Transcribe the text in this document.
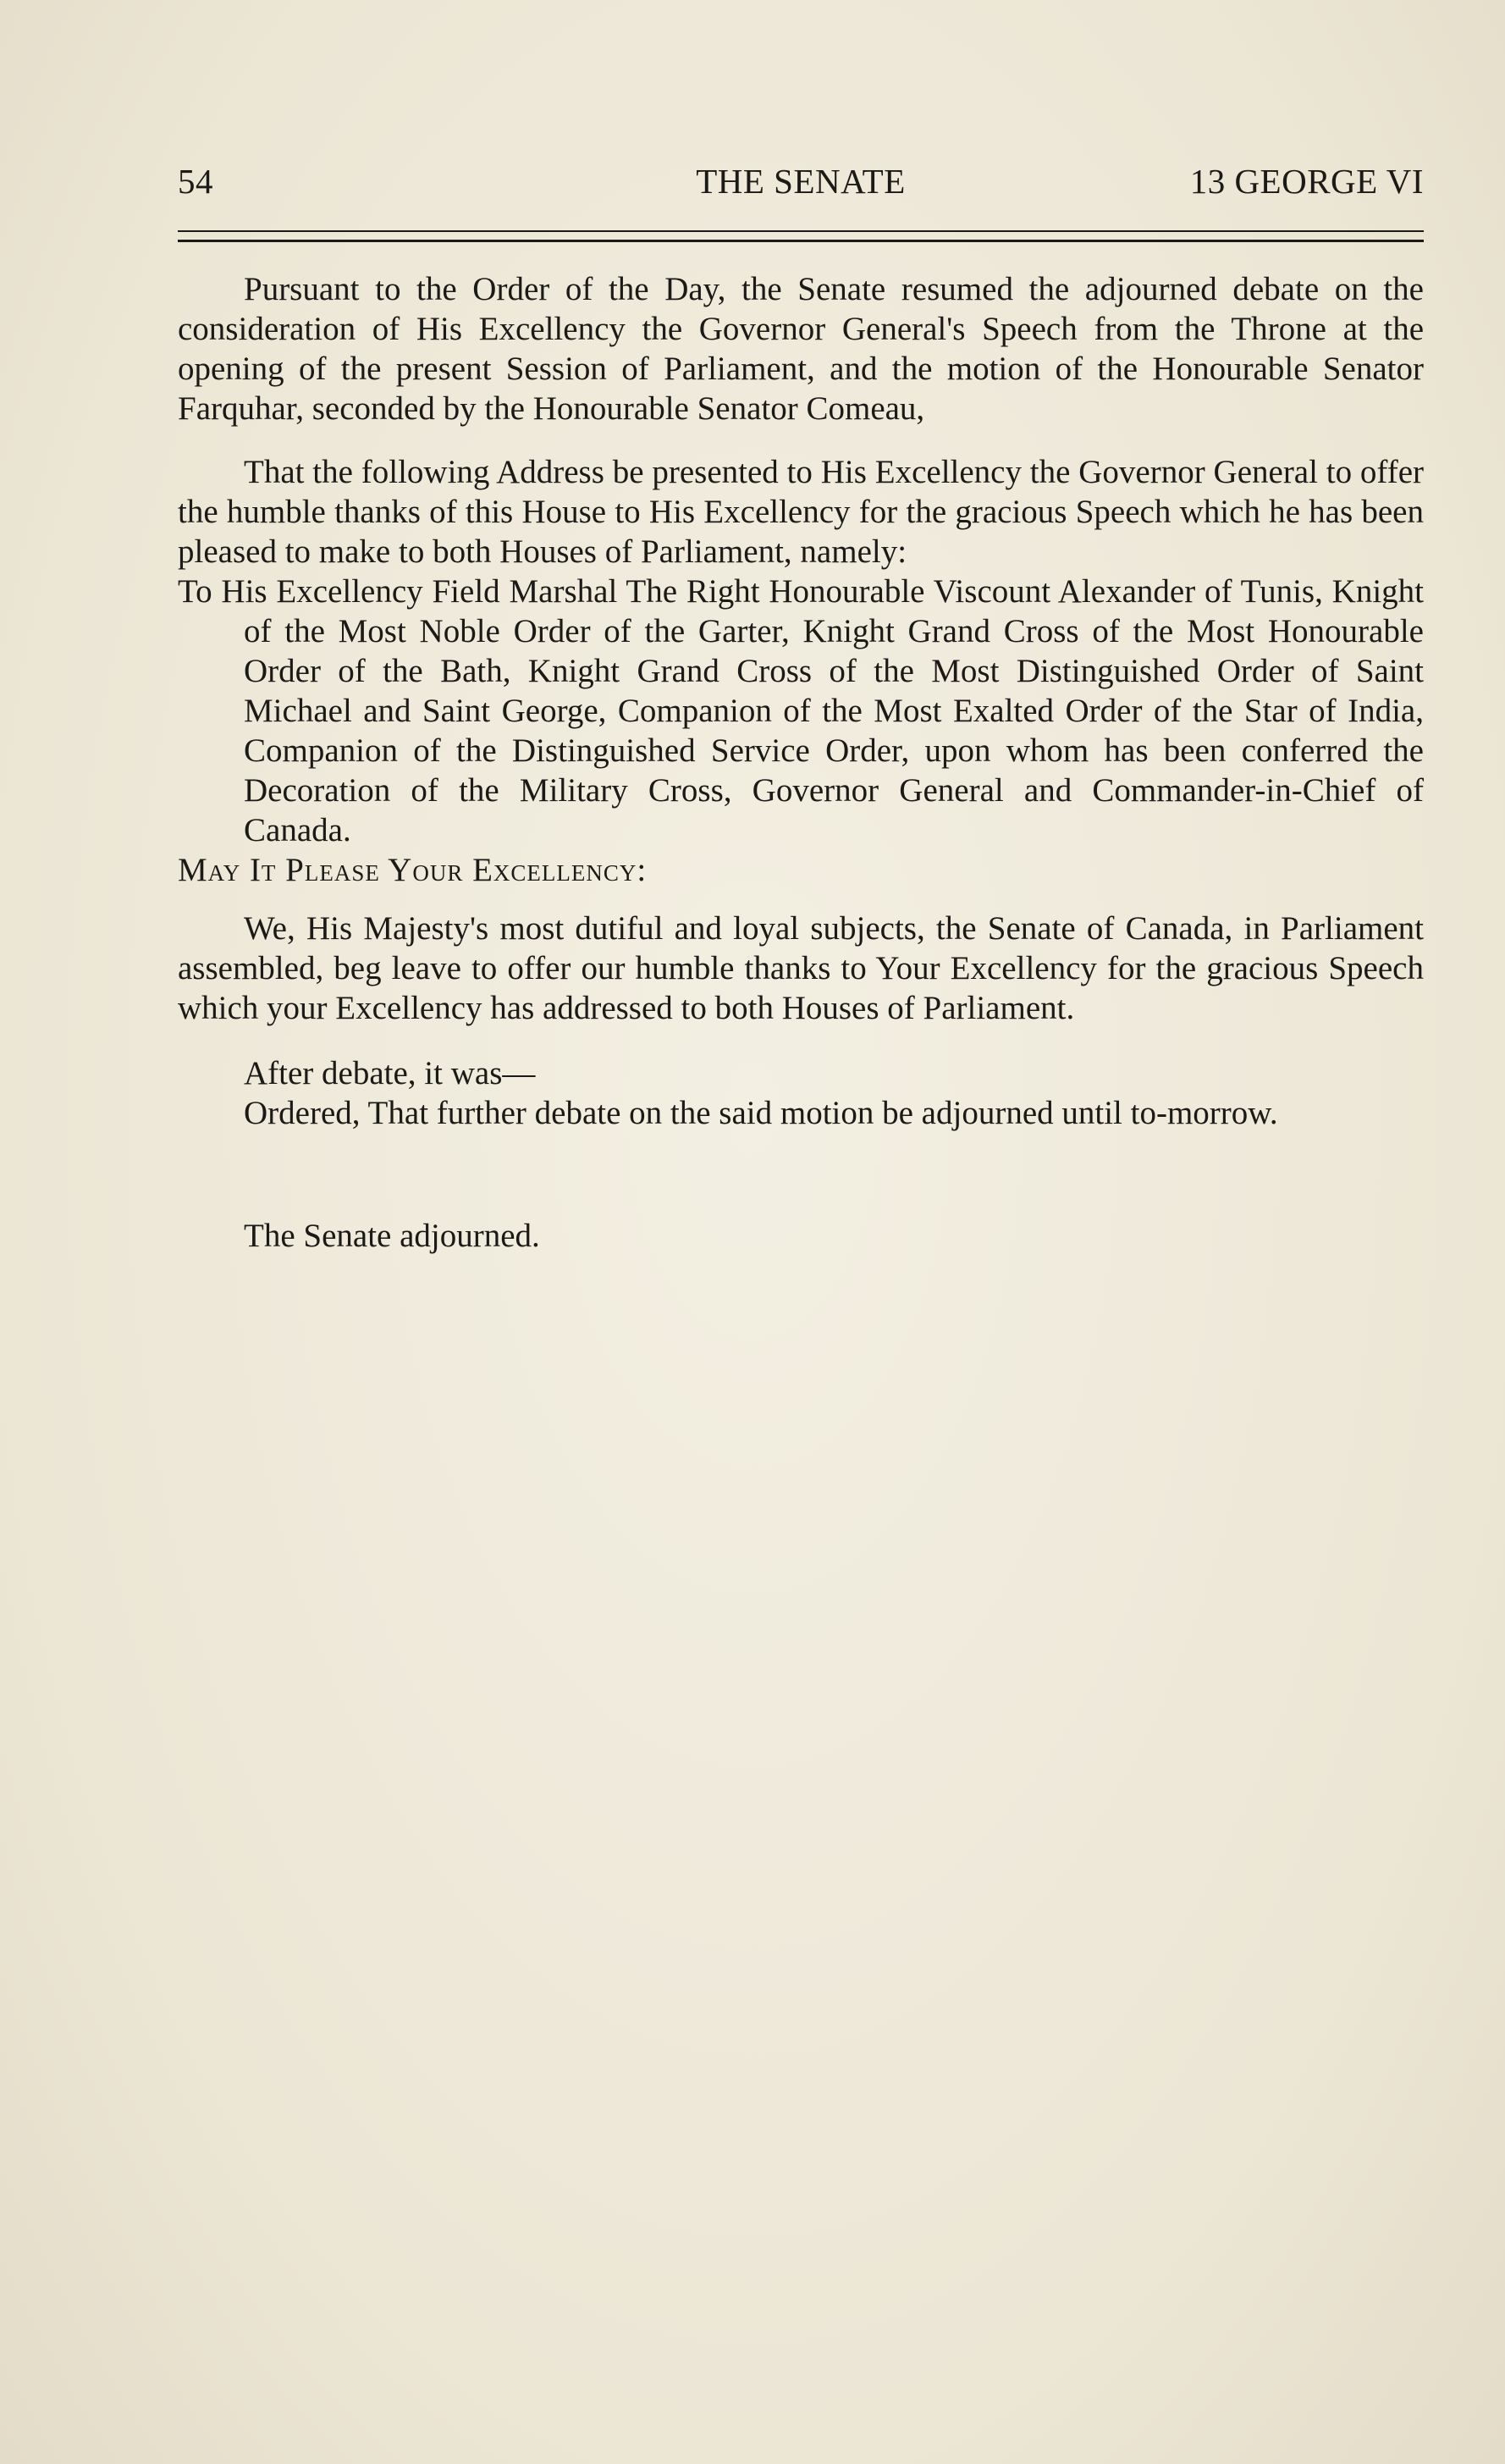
54	THE SENATE	13 GEORGE VI

Pursuant to the Order of the Day, the Senate resumed the adjourned debate on the consideration of His Excellency the Governor General's Speech from the Throne at the opening of the present Session of Parliament, and the motion of the Honourable Senator Farquhar, seconded by the Honourable Senator Comeau,

That the following Address be presented to His Excellency the Governor General to offer the humble thanks of this House to His Excellency for the gracious Speech which he has been pleased to make to both Houses of Parliament, namely:

To His Excellency Field Marshal The Right Honourable Viscount Alexander of Tunis, Knight of the Most Noble Order of the Garter, Knight Grand Cross of the Most Honourable Order of the Bath, Knight Grand Cross of the Most Distinguished Order of Saint Michael and Saint George, Companion of the Most Exalted Order of the Star of India, Companion of the Distinguished Service Order, upon whom has been conferred the Decoration of the Military Cross, Governor General and Commander-in-Chief of Canada.

May It Please Your Excellency:

We, His Majesty's most dutiful and loyal subjects, the Senate of Canada, in Parliament assembled, beg leave to offer our humble thanks to Your Excellency for the gracious Speech which your Excellency has addressed to both Houses of Parliament.

After debate, it was—

Ordered, That further debate on the said motion be adjourned until to-morrow.

The Senate adjourned.
